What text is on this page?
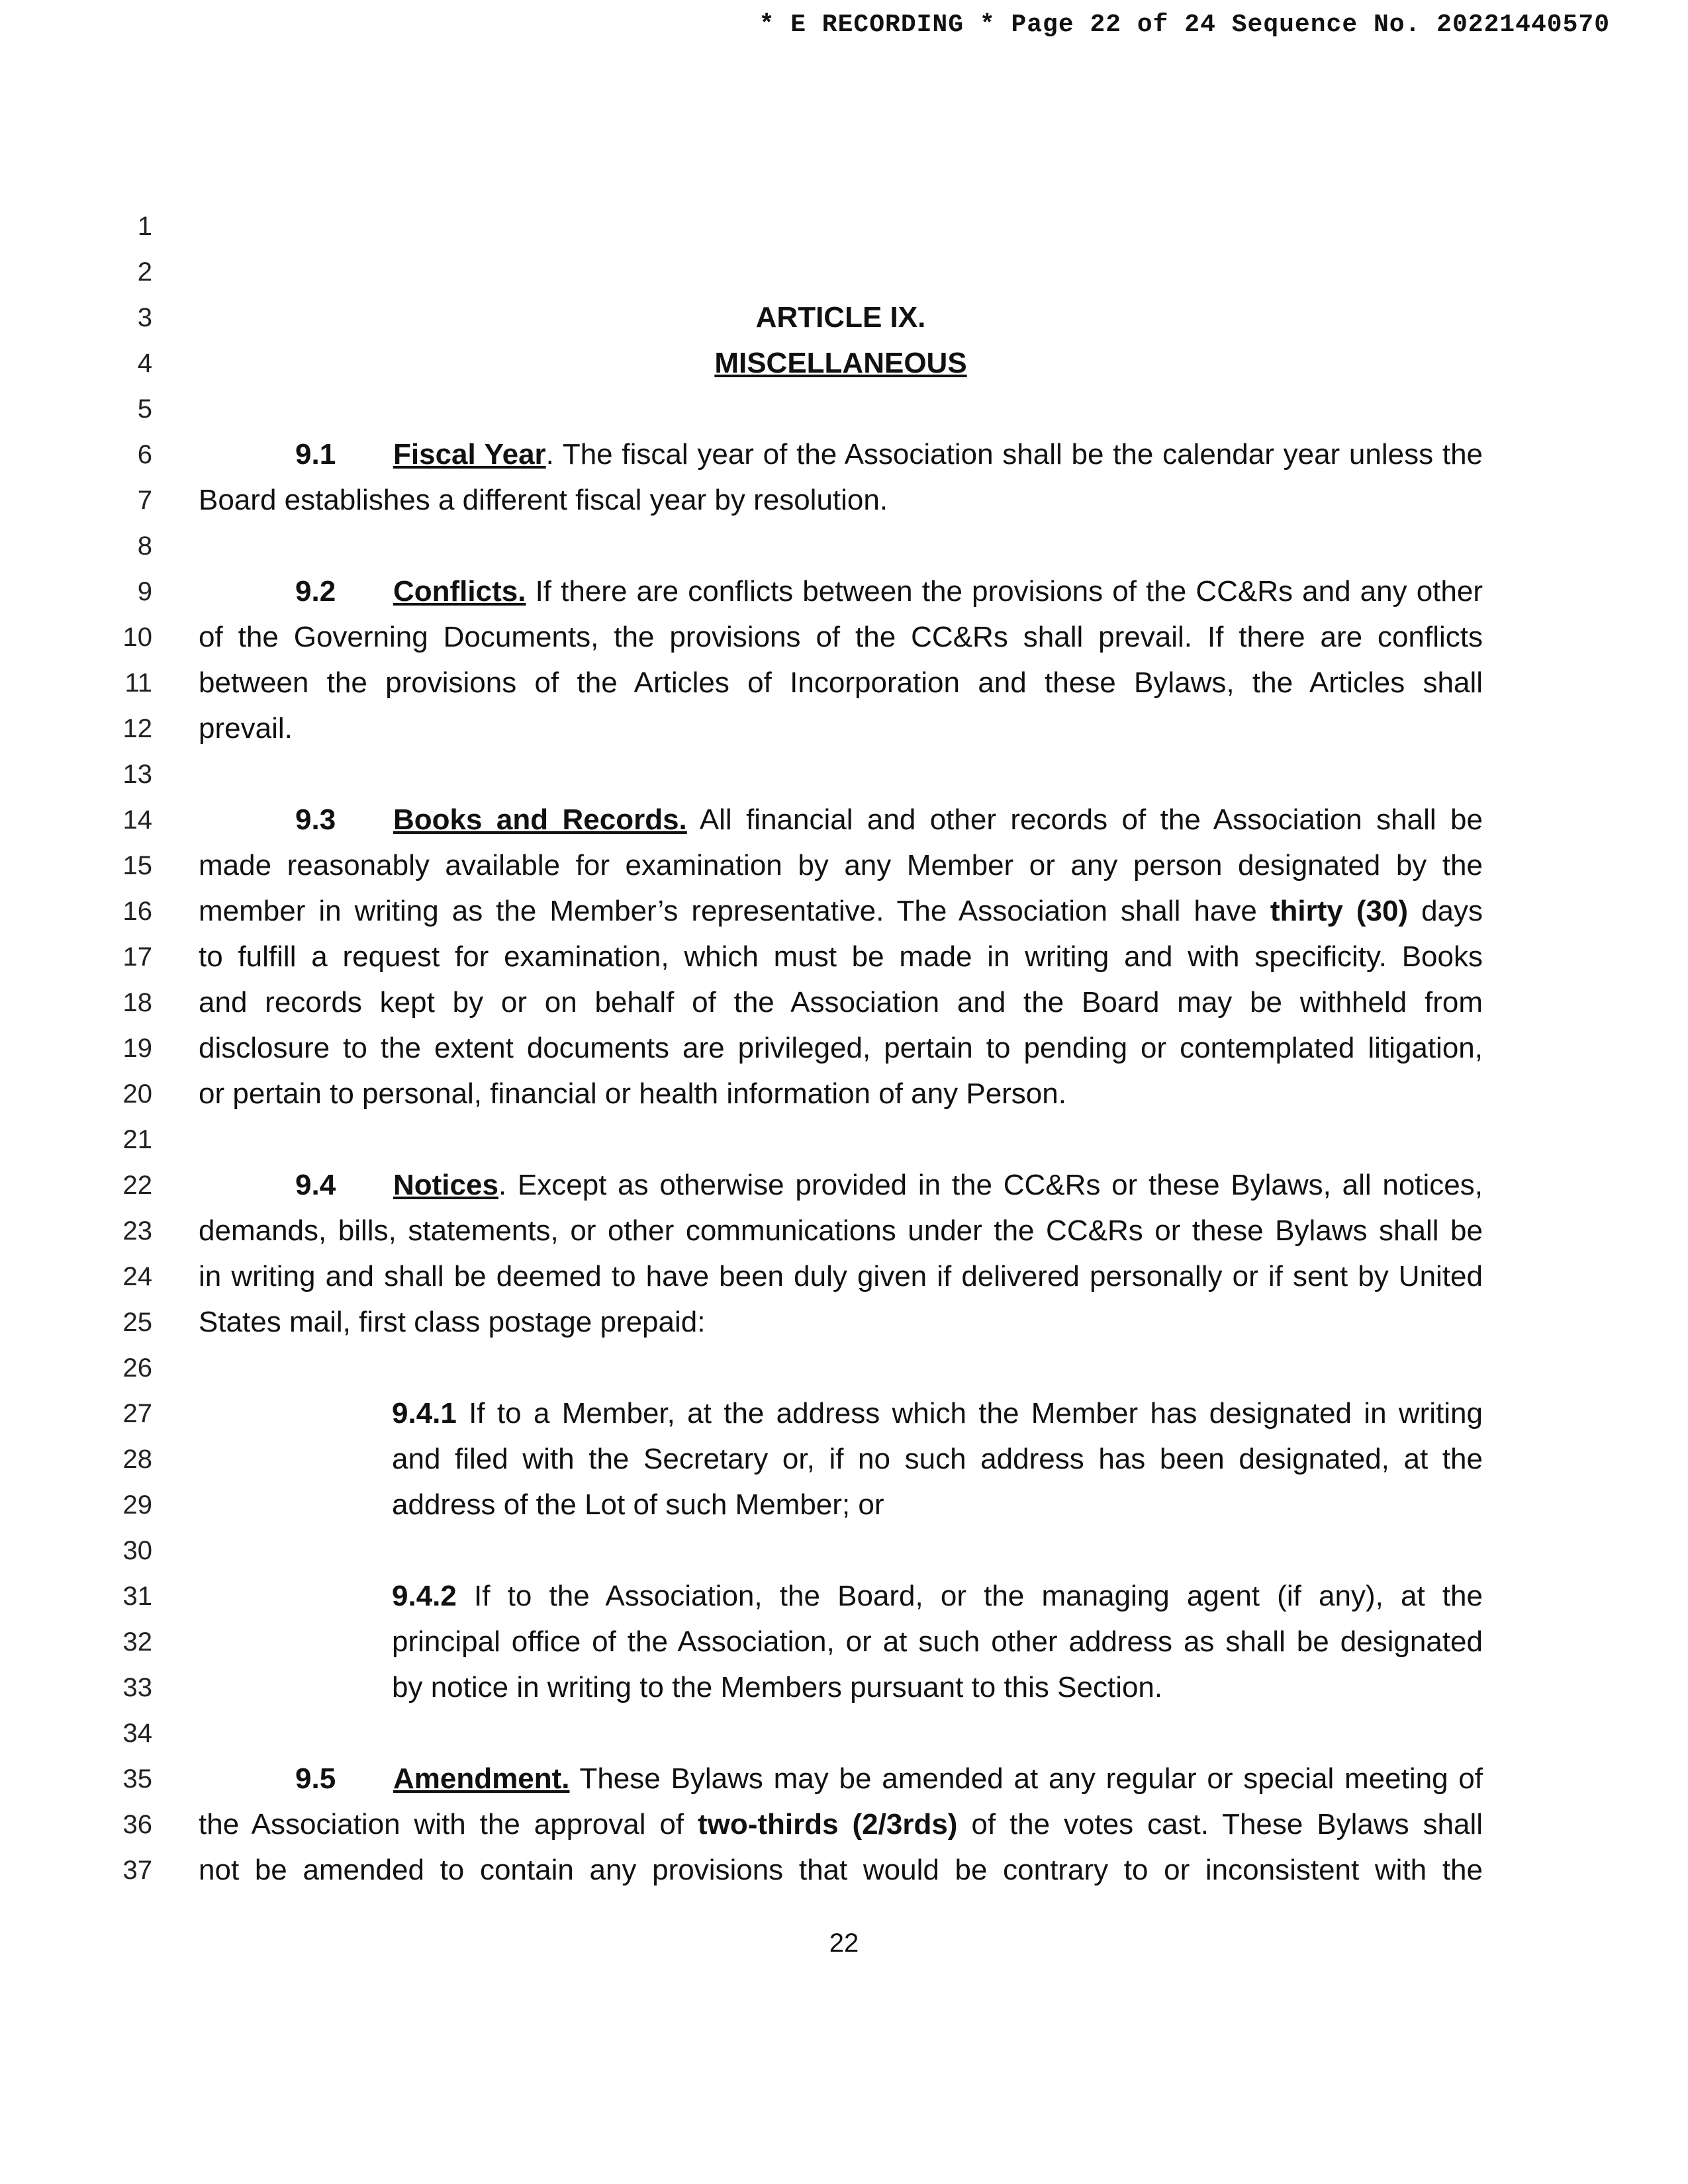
* E RECORDING * Page 22 of 24 Sequence No. 20221440570
1
2
3
4
5
6
7
8
9
10
11
12
13
14
15
16
17
18
19
20
21
22
23
24
25
26
27
28
29
30
31
32
33
34
35
36
37
ARTICLE IX.
MISCELLANEOUS
9.1 Fiscal Year. The fiscal year of the Association shall be the calendar year unless the
Board establishes a different fiscal year by resolution.
9.2 Conflicts. If there are conflicts between the provisions of the CC&Rs and any other
of the Governing Documents, the provisions of the CC&Rs shall prevail. If there are conflicts
between the provisions of the Articles of Incorporation and these Bylaws, the Articles shall
prevail.
9.3 Books and Records. All financial and other records of the Association shall be
made reasonably available for examination by any Member or any person designated by the
member in writing as the Member’s representative. The Association shall have thirty (30) days
to fulfill a request for examination, which must be made in writing and with specificity. Books
and records kept by or on behalf of the Association and the Board may be withheld from
disclosure to the extent documents are privileged, pertain to pending or contemplated litigation,
or pertain to personal, financial or health information of any Person.
9.4 Notices. Except as otherwise provided in the CC&Rs or these Bylaws, all notices,
demands, bills, statements, or other communications under the CC&Rs or these Bylaws shall be
in writing and shall be deemed to have been duly given if delivered personally or if sent by United
States mail, first class postage prepaid:
9.4.1 If to a Member, at the address which the Member has designated in writing
and filed with the Secretary or, if no such address has been designated, at the
address of the Lot of such Member; or
9.4.2 If to the Association, the Board, or the managing agent (if any), at the
principal office of the Association, or at such other address as shall be designated
by notice in writing to the Members pursuant to this Section.
9.5 Amendment. These Bylaws may be amended at any regular or special meeting of
the Association with the approval of two-thirds (2/3rds) of the votes cast. These Bylaws shall
not be amended to contain any provisions that would be contrary to or inconsistent with the
22
